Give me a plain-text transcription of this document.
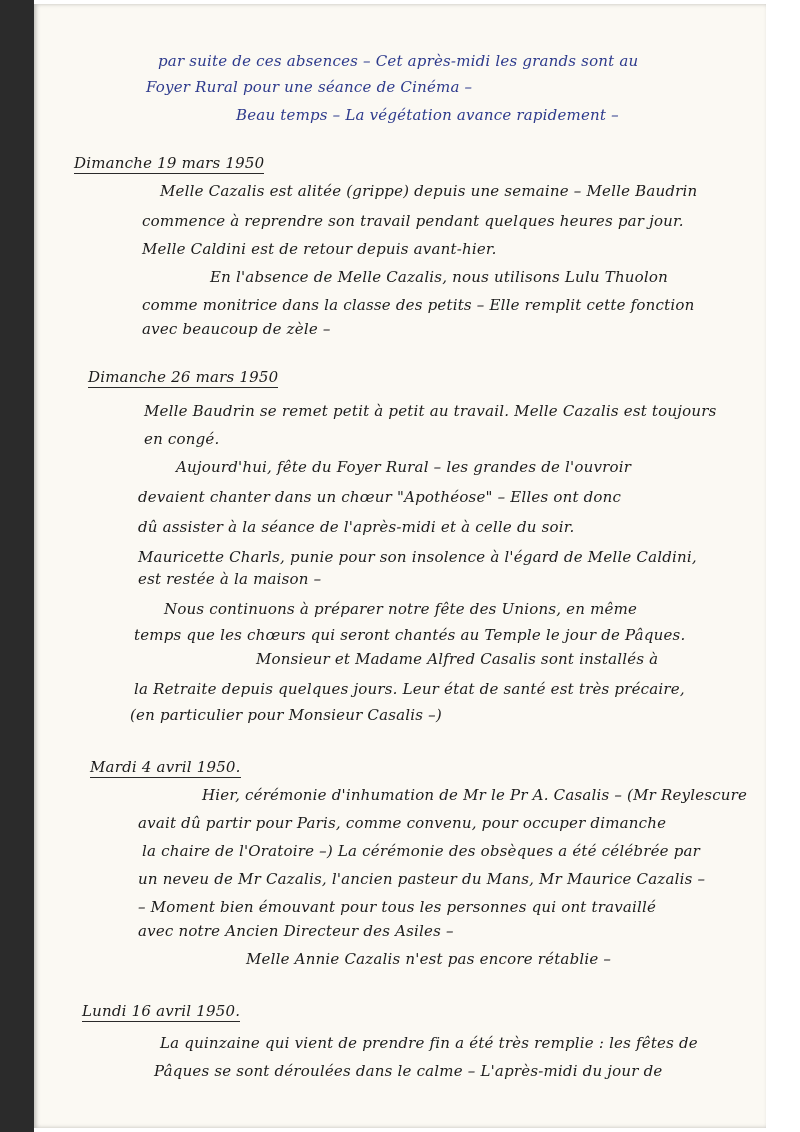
par suite de ces absences – Cet après-midi les grands sont au
Foyer Rural pour une séance de Cinéma –
Beau temps – La végétation avance rapidement –
Dimanche 19 mars 1950
Melle Cazalis est alitée (grippe) depuis une semaine – Melle Baudrin
commence à reprendre son travail pendant quelques heures par jour.
Melle Caldini est de retour depuis avant-hier.
En l'absence de Melle Cazalis, nous utilisons Lulu Thuolon
comme monitrice dans la classe des petits – Elle remplit cette fonction
avec beaucoup de zèle –
Dimanche 26 mars 1950
Melle Baudrin se remet petit à petit au travail. Melle Cazalis est toujours
en congé.
Aujourd'hui, fête du Foyer Rural – les grandes de l'ouvroir
devaient chanter dans un chœur "Apothéose" – Elles ont donc
dû assister à la séance de l'après-midi et à celle du soir.
Mauricette Charls, punie pour son insolence à l'égard de Melle Caldini,
est restée à la maison –
Nous continuons à préparer notre fête des Unions, en même
temps que les chœurs qui seront chantés au Temple le jour de Pâques.
Monsieur et Madame Alfred Casalis sont installés à
la Retraite depuis quelques jours. Leur état de santé est très précaire,
(en particulier pour Monsieur Casalis –)
Mardi 4 avril 1950.
Hier, cérémonie d'inhumation de Mr le Pr A. Casalis – (Mr Reylescure
avait dû partir pour Paris, comme convenu, pour occuper dimanche
la chaire de l'Oratoire –) La cérémonie des obsèques a été célébrée par
un neveu de Mr Cazalis, l'ancien pasteur du Mans, Mr Maurice Cazalis –
– Moment bien émouvant pour tous les personnes qui ont travaillé
avec notre Ancien Directeur des Asiles –
Melle Annie Cazalis n'est pas encore rétablie –
Lundi 16 avril 1950.
La quinzaine qui vient de prendre fin a été très remplie : les fêtes de
Pâques se sont déroulées dans le calme – L'après-midi du jour de
